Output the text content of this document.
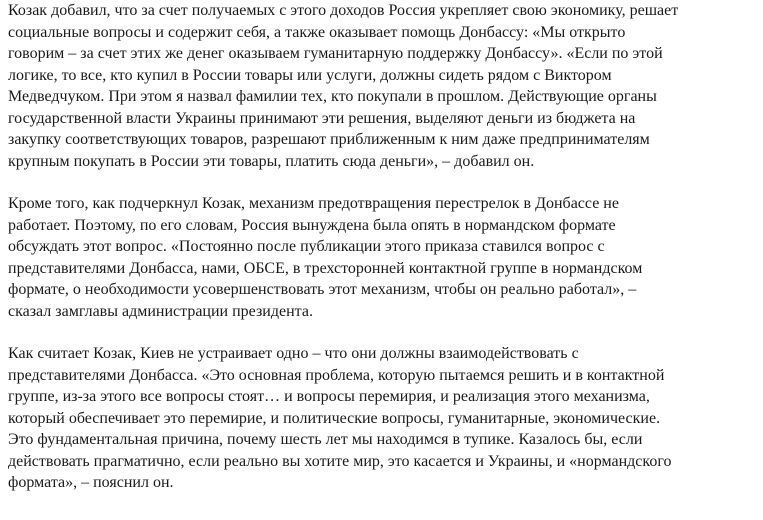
Козак добавил, что за счет получаемых с этого доходов Россия укрепляет свою экономику, решает
социальные вопросы и содержит себя, а также оказывает помощь Донбассу: «Мы открыто
говорим – за счет этих же денег оказываем гуманитарную поддержку Донбассу». «Если по этой
логике, то все, кто купил в России товары или услуги, должны сидеть рядом с Виктором
Медведчуком. При этом я назвал фамилии тех, кто покупали в прошлом. Действующие органы
государственной власти Украины принимают эти решения, выделяют деньги из бюджета на
закупку соответствующих товаров, разрешают приближенным к ним даже предпринимателям
крупным покупать в России эти товары, платить сюда деньги», – добавил он.

Кроме того, как подчеркнул Козак, механизм предотвращения перестрелок в Донбассе не
работает. Поэтому, по его словам, Россия вынуждена была опять в нормандском формате
обсуждать этот вопрос. «Постоянно после публикации этого приказа ставился вопрос с
представителями Донбасса, нами, ОБСЕ, в трехсторонней контактной группе в нормандском
формате, о необходимости усовершенствовать этот механизм, чтобы он реально работал», –
сказал замглавы администрации президента.

Как считает Козак, Киев не устраивает одно – что они должны взаимодействовать с
представителями Донбасса. «Это основная проблема, которую пытаемся решить и в контактной
группе, из-за этого все вопросы стоят… и вопросы перемирия, и реализация этого механизма,
который обеспечивает это перемирие, и политические вопросы, гуманитарные, экономические.
Это фундаментальная причина, почему шесть лет мы находимся в тупике. Казалось бы, если
действовать прагматично, если реально вы хотите мир, это касается и Украины, и «нормандского
формата», – пояснил он.
